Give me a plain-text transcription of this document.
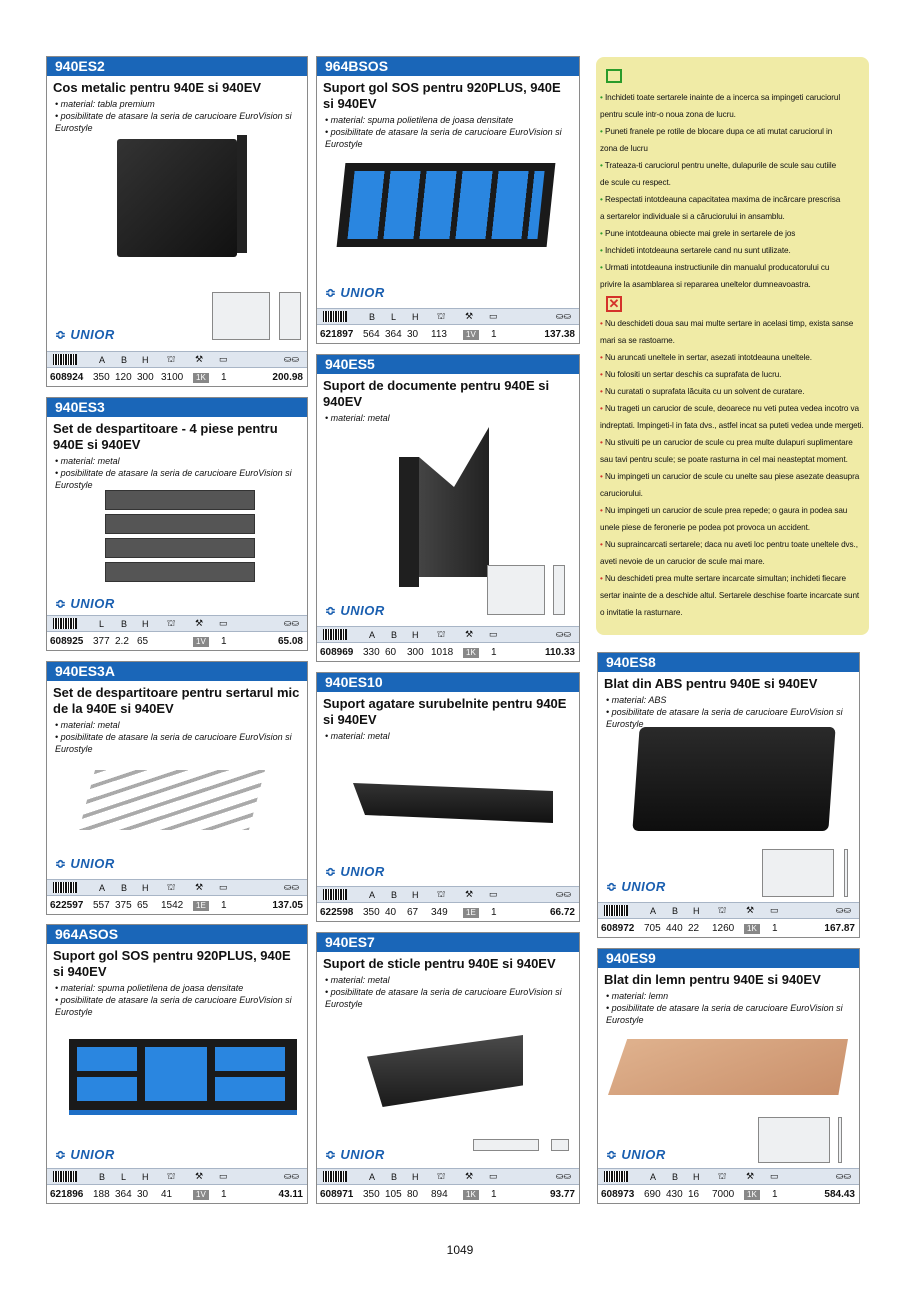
940ES2
Cos metalic pentru 940E si 940EV
• material: tabla premium
• posibilitate de atasare la seria de carucioare EuroVision si Eurostyle
≎ UNIOR
A B H ⛫ ⚒ ▭	⛀⛀
608924 350 120 300 3100	1K	1	200.98
940ES3
Set de despartitoare - 4 piese pentru 940E si 940EV
• material: metal
• posibilitate de atasare la seria de carucioare EuroVision si Eurostyle
≎ UNIOR
L B H ⛫ ⚒ ▭	⛀⛀
608925 377 2.2 65	1V	1	65.08
940ES3A
Set de despartitoare pentru sertarul mic de la 940E si 940EV
• material: metal
• posibilitate de atasare la seria de carucioare EuroVision si Eurostyle
≎ UNIOR
A B H ⛫ ⚒ ▭	⛀⛀
622597 557 375 65 1542	1E	1	137.05
964ASOS
Suport gol SOS pentru 920PLUS, 940E si 940EV
• material: spuma polietilena de joasa densitate
• posibilitate de atasare la seria de carucioare EuroVision si Eurostyle
≎ UNIOR
B L H ⛫ ⚒ ▭	⛀⛀
621896 188 364 30 41	1V	1	43.11
964BSOS
Suport gol SOS pentru 920PLUS, 940E si 940EV
• material: spuma polietilena de joasa densitate
• posibilitate de atasare la seria de carucioare EuroVision si Eurostyle
≎ UNIOR
B L H ⛫ ⚒ ▭	⛀⛀
621897 564 364 30 113	1V	1	137.38
940ES5
Suport de documente pentru 940E si 940EV
• material: metal
≎ UNIOR
A B H ⛫ ⚒ ▭	⛀⛀
608969 330 60 300 1018	1K	1	110.33
940ES10
Suport agatare surubelnite pentru 940E si 940EV
• material: metal
≎ UNIOR
A B H ⛫ ⚒ ▭	⛀⛀
622598 350 40 67 349	1E	1	66.72
940ES7
Suport de sticle pentru 940E si 940EV
• material: metal
• posibilitate de atasare la seria de carucioare EuroVision si Eurostyle
≎ UNIOR
A B H ⛫ ⚒ ▭	⛀⛀
608971 350 105 80 894	1K	1	93.77
940ES8
Blat din ABS pentru 940E si 940EV
• material: ABS
• posibilitate de atasare la seria de carucioare EuroVision si Eurostyle
≎ UNIOR
A B H ⛫ ⚒ ▭	⛀⛀
608972 705 440 22 1260	1K	1	167.87
940ES9
Blat din lemn pentru 940E si 940EV
• material: lemn
• posibilitate de atasare la seria de carucioare EuroVision si Eurostyle
≎ UNIOR
A B H ⛫ ⚒ ▭	⛀⛀
608973 690 430 16 7000	1K	1	584.43
• Inchideti toate sertarele inainte de a incerca sa impingeti caruciorul
pentru scule intr-o noua zona de lucru.
• Puneti franele pe rotile de blocare dupa ce ati mutat caruciorul in
zona de lucru
• Trateaza-ti caruciorul pentru unelte, dulapurile de scule sau cutiile
de scule cu respect.
• Respectati intotdeauna capacitatea maxima de incărcare prescrisa
a sertarelor individuale si a căruciorului in ansamblu.
• Pune intotdeauna obiecte mai grele in sertarele de jos
• Inchideti intotdeauna sertarele cand nu sunt utilizate.
• Urmati intotdeauna instructiunile din manualul producatorului cu
privire la asamblarea si repararea uneltelor dumneavoastra.
✕
• Nu deschideti doua sau mai multe sertare in acelasi timp, exista sanse
mari sa se rastoarne.
• Nu aruncati uneltele in sertar, asezati intotdeauna uneltele.
• Nu folositi un sertar deschis ca suprafata de lucru.
• Nu curatati o suprafata lăcuita cu un solvent de curatare.
• Nu trageti un carucior de scule, deoarece nu veti putea vedea incotro va
indreptati. Impingeti-l in fata dvs., astfel incat sa puteti vedea unde mergeti.
• Nu stivuiti pe un carucior de scule cu prea multe dulapuri suplimentare
sau tavi pentru scule; se poate rasturna in cel mai neasteptat moment.
• Nu impingeti un carucior de scule cu unelte sau piese asezate deasupra
caruciorului.
• Nu impingeti un carucior de scule prea repede; o gaura in podea sau
unele piese de feronerie pe podea pot provoca un accident.
• Nu supraincarcati sertarele; daca nu aveti loc pentru toate uneltele dvs.,
aveti nevoie de un carucior de scule mai mare.
• Nu deschideti prea multe sertare incarcate simultan; inchideti fiecare
sertar inainte de a deschide altul. Sertarele deschise foarte incarcate sunt
o invitatie la rasturnare.
1049
